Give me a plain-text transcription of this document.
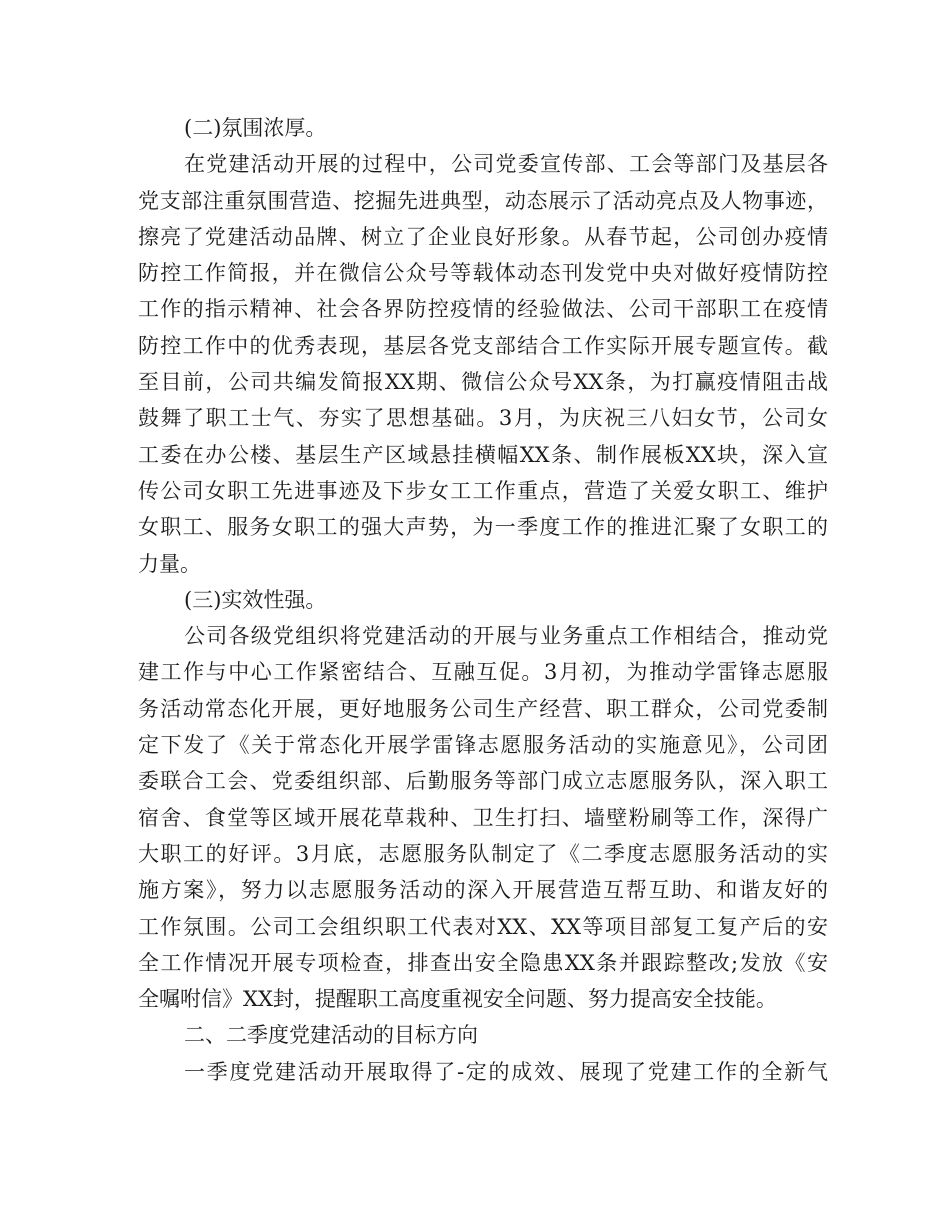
(二)氛围浓厚。
在党建活动开展的过程中，公司党委宣传部、工会等部门及基层各
党支部注重氛围营造、挖掘先进典型，动态展示了活动亮点及人物事迹，
擦亮了党建活动品牌、树立了企业良好形象。从春节起，公司创办疫情
防控工作简报，并在微信公众号等载体动态刊发党中央对做好疫情防控
工作的指示精神、社会各界防控疫情的经验做法、公司干部职工在疫情
防控工作中的优秀表现，基层各党支部结合工作实际开展专题宣传。截
至目前，公司共编发简报XX期、微信公众号XX条，为打赢疫情阻击战
鼓舞了职工士气、夯实了思想基础。3月，为庆祝三八妇女节，公司女
工委在办公楼、基层生产区域悬挂横幅XX条、制作展板XX块，深入宣
传公司女职工先进事迹及下步女工工作重点，营造了关爱女职工、维护
女职工、服务女职工的强大声势，为一季度工作的推进汇聚了女职工的
力量。
(三)实效性强。
公司各级党组织将党建活动的开展与业务重点工作相结合，推动党
建工作与中心工作紧密结合、互融互促。3月初，为推动学雷锋志愿服
务活动常态化开展，更好地服务公司生产经营、职工群众，公司党委制
定下发了《关于常态化开展学雷锋志愿服务活动的实施意见》，公司团
委联合工会、党委组织部、后勤服务等部门成立志愿服务队，深入职工
宿舍、食堂等区域开展花草栽种、卫生打扫、墙壁粉刷等工作，深得广
大职工的好评。3月底，志愿服务队制定了《二季度志愿服务活动的实
施方案》，努力以志愿服务活动的深入开展营造互帮互助、和谐友好的
工作氛围。公司工会组织职工代表对XX、XX等项目部复工复产后的安
全工作情况开展专项检查，排查出安全隐患XX条并跟踪整改;发放《安
全嘱咐信》XX封，提醒职工高度重视安全问题、努力提高安全技能。
二、二季度党建活动的目标方向
一季度党建活动开展取得了-定的成效、展现了党建工作的全新气
